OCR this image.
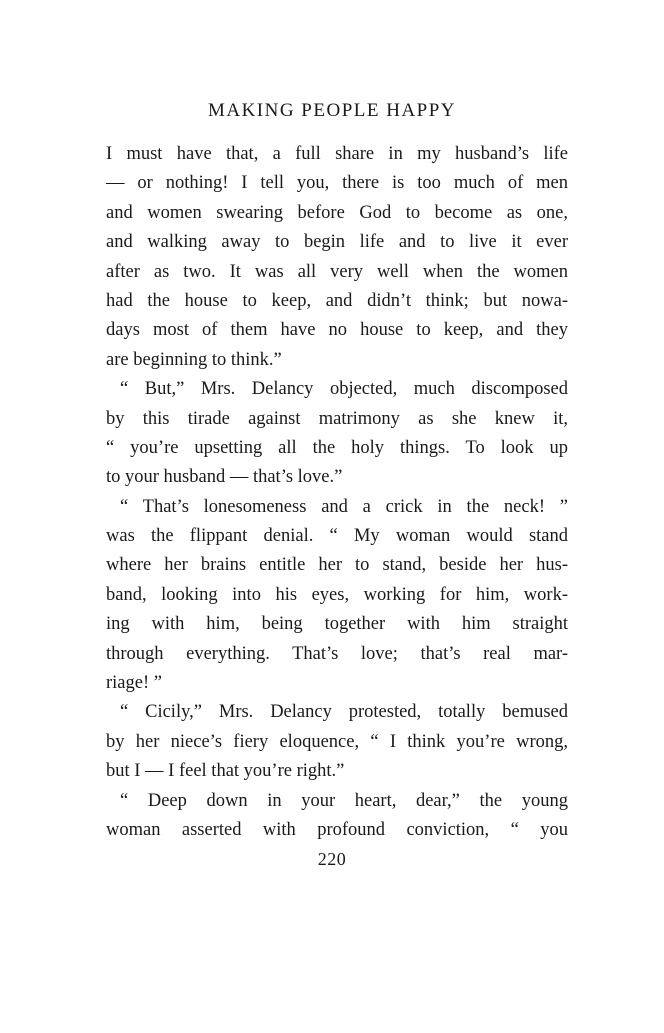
MAKING PEOPLE HAPPY
I must have that, a full share in my husband’s life
— or nothing! I tell you, there is too much of men
and women swearing before God to become as one,
and walking away to begin life and to live it ever
after as two. It was all very well when the women
had the house to keep, and didn’t think; but nowa-
days most of them have no house to keep, and they
are beginning to think.”
“ But,” Mrs. Delancy objected, much discomposed
by this tirade against matrimony as she knew it,
“ you’re upsetting all the holy things. To look up
to your husband — that’s love.”
“ That’s lonesomeness and a crick in the neck! ”
was the flippant denial. “ My woman would stand
where her brains entitle her to stand, beside her hus-
band, looking into his eyes, working for him, work-
ing with him, being together with him straight
through everything. That’s love; that’s real mar-
riage! ”
“ Cicily,” Mrs. Delancy protested, totally bemused
by her niece’s fiery eloquence, “ I think you’re wrong,
but I — I feel that you’re right.”
“ Deep down in your heart, dear,” the young
woman asserted with profound conviction, “ you
220
